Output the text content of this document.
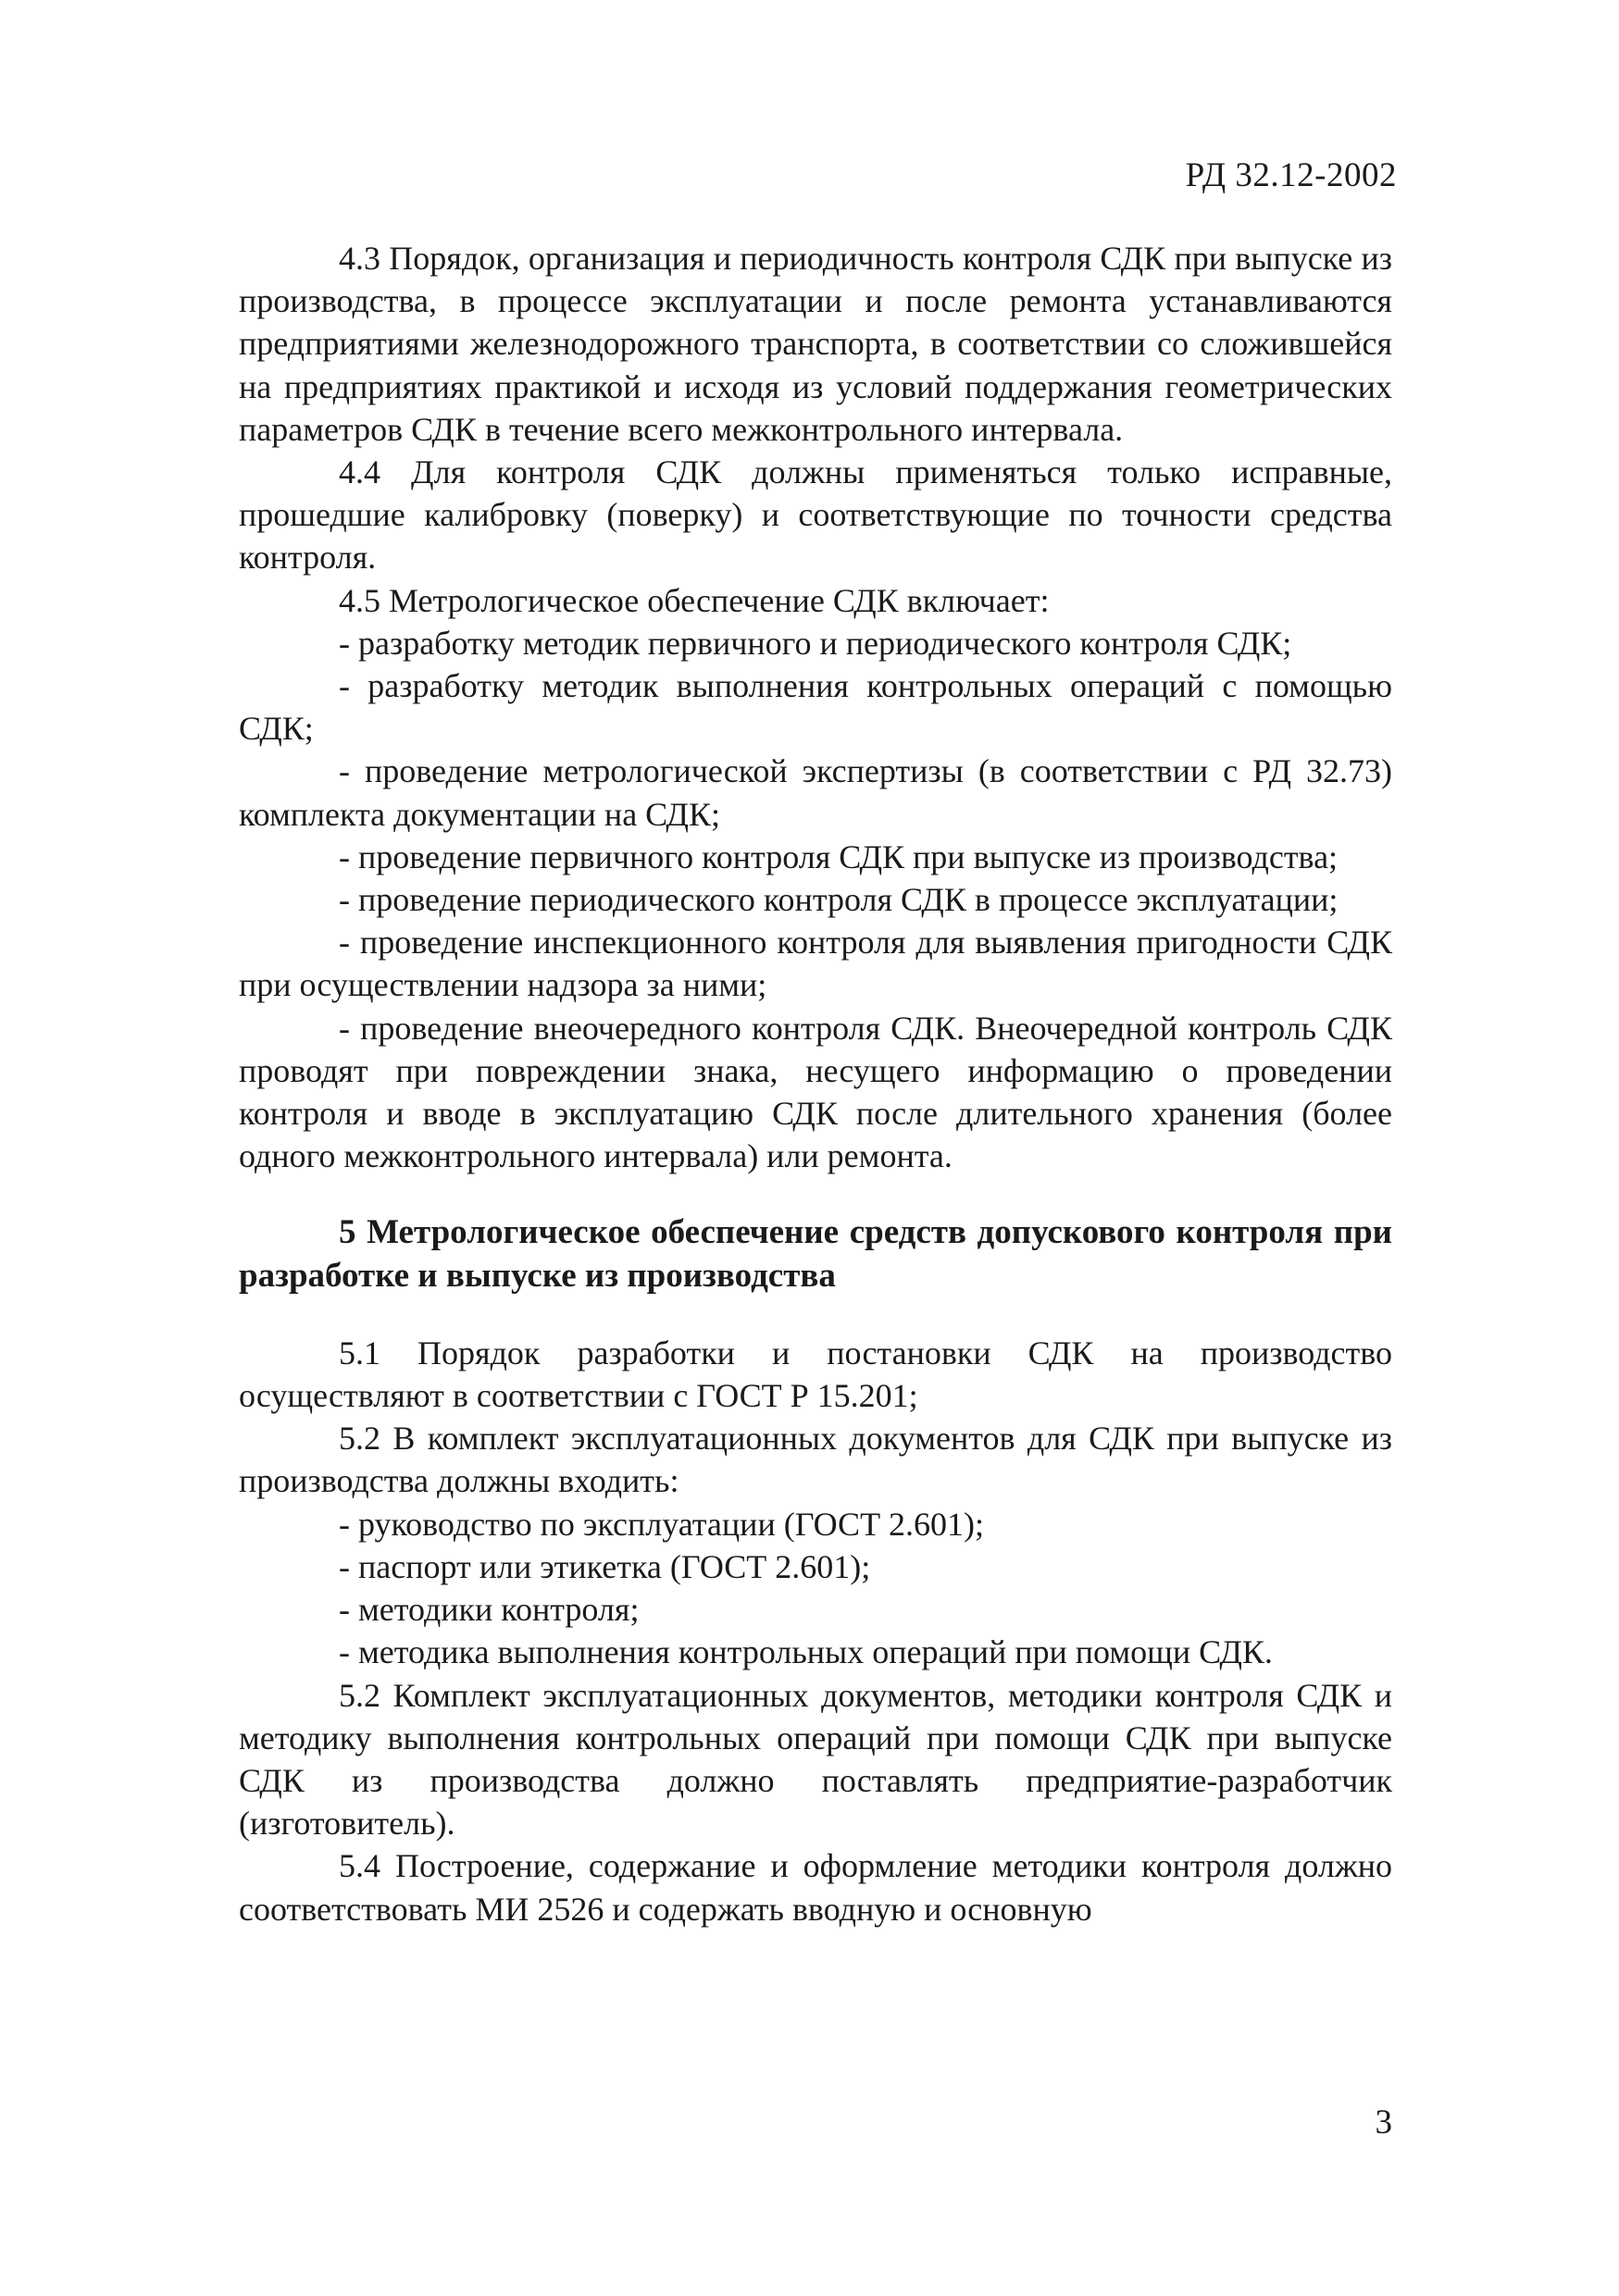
РД 32.12-2002

4.3 Порядок, организация и периодичность контроля СДК при выпуске из производства, в процессе эксплуатации и после ремонта устанавливаются предприятиями железнодорожного транспорта, в соответствии со сложившейся на предприятиях практикой и исходя из условий поддержания геометрических параметров СДК в течение всего межконтрольного интервала.

4.4 Для контроля СДК должны применяться только исправные, прошедшие калибровку (поверку) и соответствующие по точности средства контроля.

4.5 Метрологическое обеспечение СДК включает:

- разработку методик первичного и периодического контроля СДК;

- разработку методик выполнения контрольных операций с помощью СДК;

- проведение метрологической экспертизы (в соответствии с РД 32.73) комплекта документации на СДК;

- проведение первичного контроля СДК при выпуске из производства;

- проведение периодического контроля СДК в процессе эксплуатации;

- проведение инспекционного контроля для выявления пригодности СДК при осуществлении надзора за ними;

- проведение внеочередного контроля СДК. Внеочередной контроль СДК проводят при повреждении знака, несущего информацию о проведении контроля и вводе в эксплуатацию СДК после длительного хранения (более одного межконтрольного интервала) или ремонта.

5 Метрологическое обеспечение средств допускового контроля при разработке и выпуске из производства

5.1 Порядок разработки и постановки СДК на производство осуществляют в соответствии с ГОСТ Р 15.201;

5.2 В комплект эксплуатационных документов для СДК при выпуске из производства должны входить:

- руководство по эксплуатации (ГОСТ 2.601);

- паспорт или этикетка (ГОСТ 2.601);

- методики контроля;

- методика выполнения контрольных операций при помощи СДК.

5.2 Комплект эксплуатационных документов, методики контроля СДК и методику выполнения контрольных операций при помощи СДК при выпуске СДК из производства должно поставлять предприятие-разработчик (изготовитель).

5.4 Построение, содержание и оформление методики контроля должно соответствовать МИ 2526 и содержать вводную и основную

3
